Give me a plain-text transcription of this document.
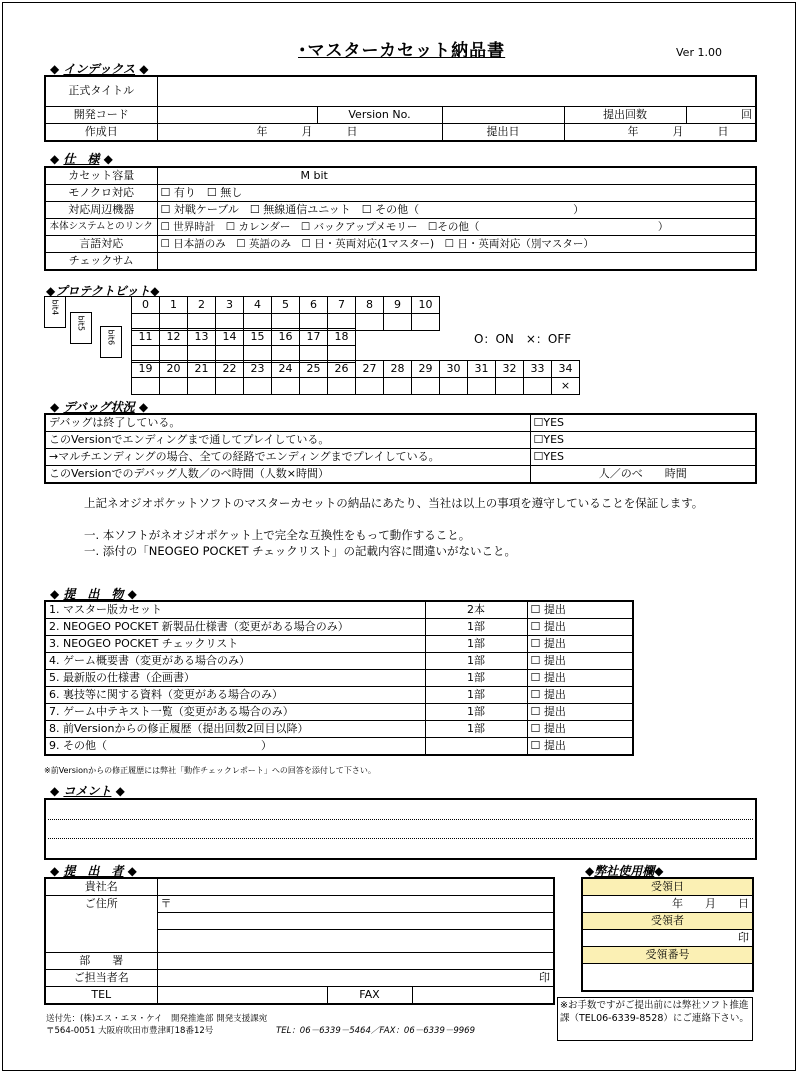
･マスターカセット納品書	Ver 1.00
◆ インデックス ◆
正式タイトル					
開発コード		Version No.		提出回数	回
作成日	年 月 日		提出日	年 月 日	
◆ 仕　様 ◆
カセット容量	M bit
モノクロ対応	☐ 有り　☐ 無し
対応周辺機器	☐ 対戦ケーブル　☐ 無線通信ユニット　☐ その他（　　　　　　　　　　　　　　）
本体システムとのリンク	☐ 世界時計　☐ カレンダー　☐ バックアップメモリー　☐その他（　　　　　　　　　　　　　　　　　）
言語対応	☐ 日本語のみ　☐ 英語のみ　☐ 日・英両対応(1マスター)　☐ 日・英両対応（別マスター）
チェックサム	
◆プロテクトビット◆
bit4
bit5
bit6
0	1	2	3	4	5	6	7	8	9	10

11	12	13	14	15	16	17	18
								O：ON　×：OFF
19	20	21	22	23	24	25	26	27	28	29	30	31	32	33	34
															×
◆ デバッグ状況 ◆
デバッグは終了している。	☐YES
このVersionでエンディングまで通してプレイしている。	☐YES
→マルチエンディングの場合、全ての経路でエンディングまでプレイしている。	☐YES
このVersionでのデバッグ人数／のべ時間（人数×時間）	人／のべ　　時間
上記ネオジオポケットソフトのマスターカセットの納品にあたり、当社は以上の事項を遵守していることを保証します。
一. 本ソフトがネオジオポケット上で完全な互換性をもって動作すること。
一. 添付の「NEOGEO POCKET チェックリスト」の記載内容に間違いがないこと。
◆ 提　出　物 ◆
1. マスター版カセット	2本	☐ 提出
2. NEOGEO POCKET 新製品仕様書（変更がある場合のみ）	1部	☐ 提出
3. NEOGEO POCKET チェックリスト	1部	☐ 提出
4. ゲーム概要書（変更がある場合のみ）	1部	☐ 提出
5. 最新版の仕様書（企画書）	1部	☐ 提出
6. 裏技等に関する資料（変更がある場合のみ）	1部	☐ 提出
7. ゲーム中テキスト一覧（変更がある場合のみ）	1部	☐ 提出
8. 前Versionからの修正履歴（提出回数2回目以降）	1部	☐ 提出
9. その他（　　　　　　　　　　　　　　）		☐ 提出
※前Versionからの修正履歴には弊社「動作チェックレポート」への回答を添付して下さい。
◆ コメント ◆
◆ 提　出　者 ◆
貴社名			
ご住所	〒		

部　　署			
ご担当者名	印		
TEL		FAX	
◆弊社使用欄◆
受領日
年　　月　　日
受領者
印
受領番号

※お手数ですがご提出前には弊社ソフト推進課（TEL06-6339-8528）にご連絡下さい。
送付先：(株)エス・エヌ・ケイ　開発推進部 開発支援課宛
〒564-0051 大阪府吹田市豊津町18番12号	TEL：06－6339－5464／FAX：06－6339－9969
